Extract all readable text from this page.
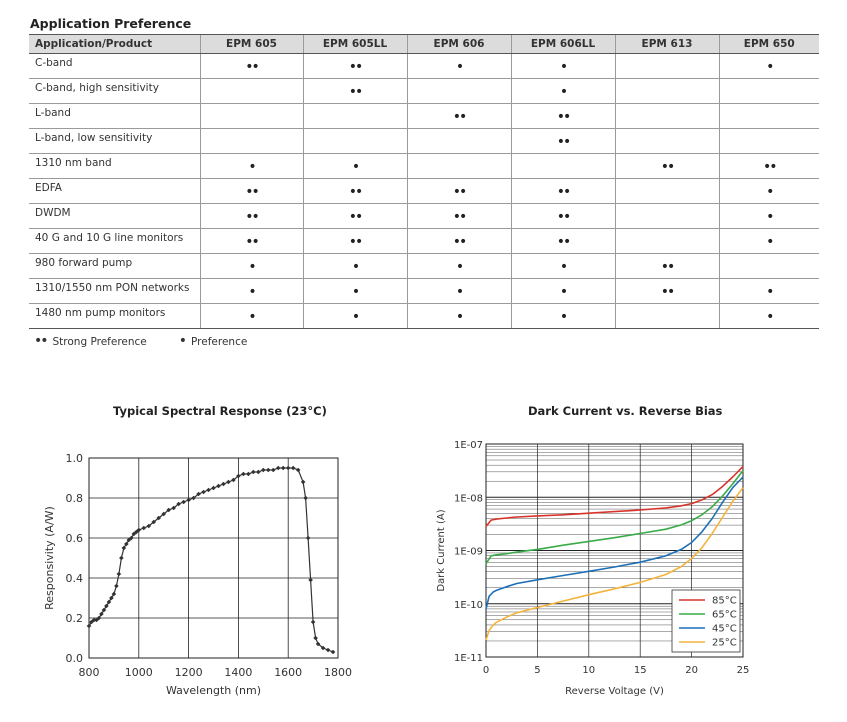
Application Preference
Application/Product	EPM 605	EPM 605LL	EPM 606	EPM 606LL	EPM 613	EPM 650
C-band	••	••	•	•		•
C-band, high sensitivity		••		•		
L-band			••	••		
L-band, low sensitivity				••		
1310 nm band	•	•			••	••
EDFA	••	••	••	••		•
DWDM	••	••	••	••		•
40 G and 10 G line monitors	••	••	••	••		•
980 forward pump	•	•	•	•	••	
1310/1550 nm PON networks	•	•	•	•	••	•
1480 nm pump monitors	•	•	•	•		•
•• Strong Preference • Preference
Typical Spectral Response (23°C)	Dark Current vs. Reverse Bias
800 1000 1200 1400 1600 1800
0.0
0.2
0.4
0.6
0.8
1.0
Wavelength (nm)
Responsivity (A/W)
0	5	10	15	20	25
1E-11
1E-10
1E-09
1E-08
1E-07
Reverse Voltage (V)
Dark Current (A)
85°C
65°C
45°C
25°C
